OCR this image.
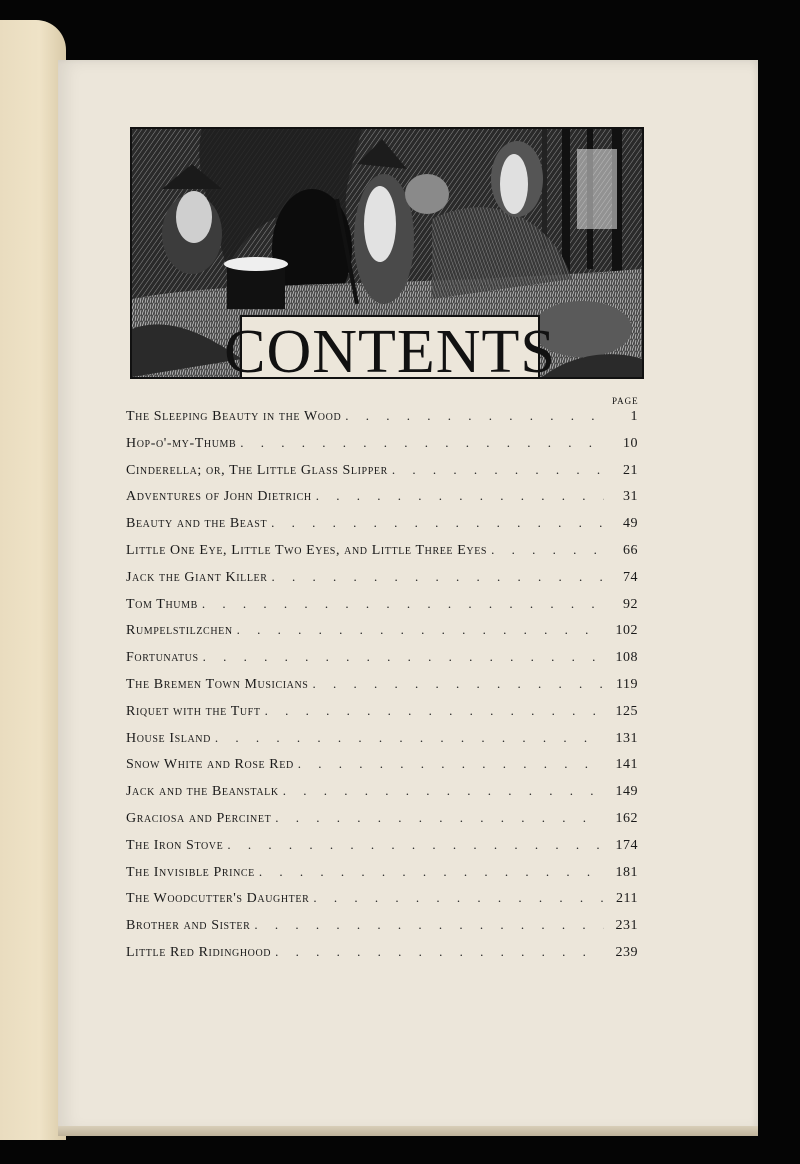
CONTENTS
PAGE
The Sleeping Beauty in the Wood . . .	1
Hop-o'-my-Thumb . . .	10
Cinderella; or, The Little Glass Slipper . . .	21
Adventures of John Dietrich . . .	31
Beauty and the Beast . . .	49
Little One Eye, Little Two Eyes, and Little Three Eyes . . .	66
Jack the Giant Killer . . .	74
Tom Thumb . . .	92
Rumpelstilzchen . . .	102
Fortunatus . . .	108
The Bremen Town Musicians . . .	119
Riquet with the Tuft . . .	125
House Island . . .	131
Snow White and Rose Red . . .	141
Jack and the Beanstalk . . .	149
Graciosa and Percinet . . .	162
The Iron Stove . . .	174
The Invisible Prince . . .	181
The Woodcutter's Daughter . . .	211
Brother and Sister . . .	231
Little Red Ridinghood . . .	239
